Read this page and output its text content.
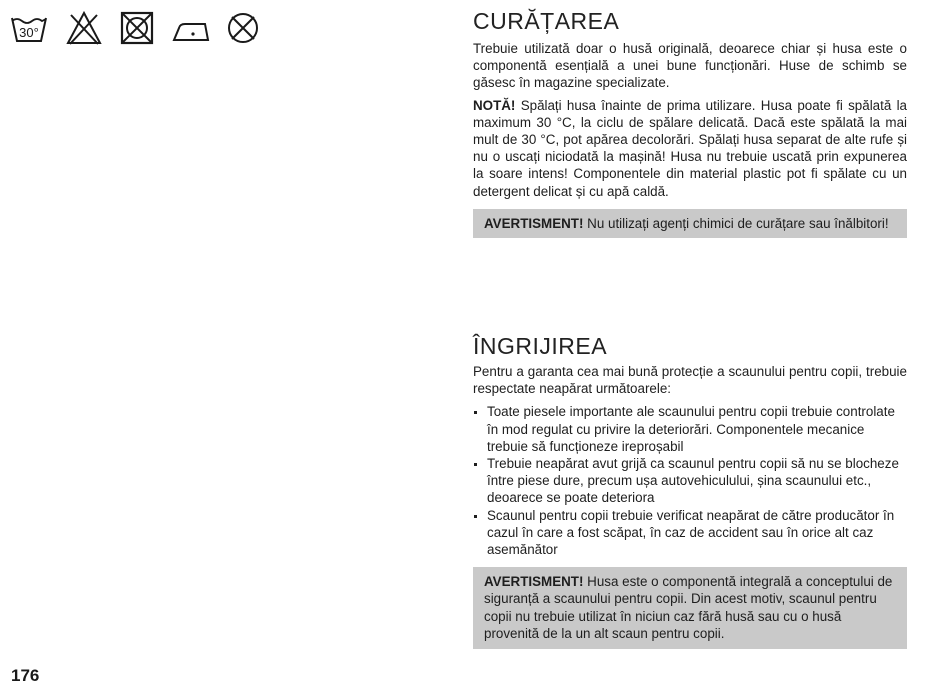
30°	CURĂȚAREA

Trebuie utilizată doar o husă originală, deoarece chiar și husa este o componentă esențială a unei bune funcționări. Huse de schimb se găsesc în magazine specializate.

NOTĂ! Spălați husa înainte de prima utilizare. Husa poate fi spălată la maximum 30 °C, la ciclu de spălare delicată. Dacă este spălată la mai mult de 30 °C, pot apărea decolorări. Spălați husa separat de alte rufe și nu o uscați niciodată la mașină! Husa nu trebuie uscată prin expunerea la soare intens! Componentele din material plastic pot fi spălate cu un detergent delicat și cu apă caldă.

AVERTISMENT! Nu utilizați agenți chimici de curățare sau înălbitori!
ÎNGRIJIREA

Pentru a garanta cea mai bună protecție a scaunului pentru copii, trebuie respectate neapărat următoarele:

Toate piesele importante ale scaunului pentru copii trebuie controlate în mod regulat cu privire la deteriorări. Componentele mecanice trebuie să funcționeze ireproșabil
Trebuie neapărat avut grijă ca scaunul pentru copii să nu se blocheze între piese dure, precum ușa autovehiculului, șina scaunului etc., deoarece se poate deteriora
Scaunul pentru copii trebuie verificat neapărat de către producător în cazul în care a fost scăpat, în caz de accident sau în orice alt caz asemănător
AVERTISMENT! Husa este o componentă integrală a conceptului de siguranță a scaunului pentru copii. Din acest motiv, scaunul pentru copii nu trebuie utilizat în niciun caz fără husă sau cu o husă provenită de la un alt scaun pentru copii.
176
